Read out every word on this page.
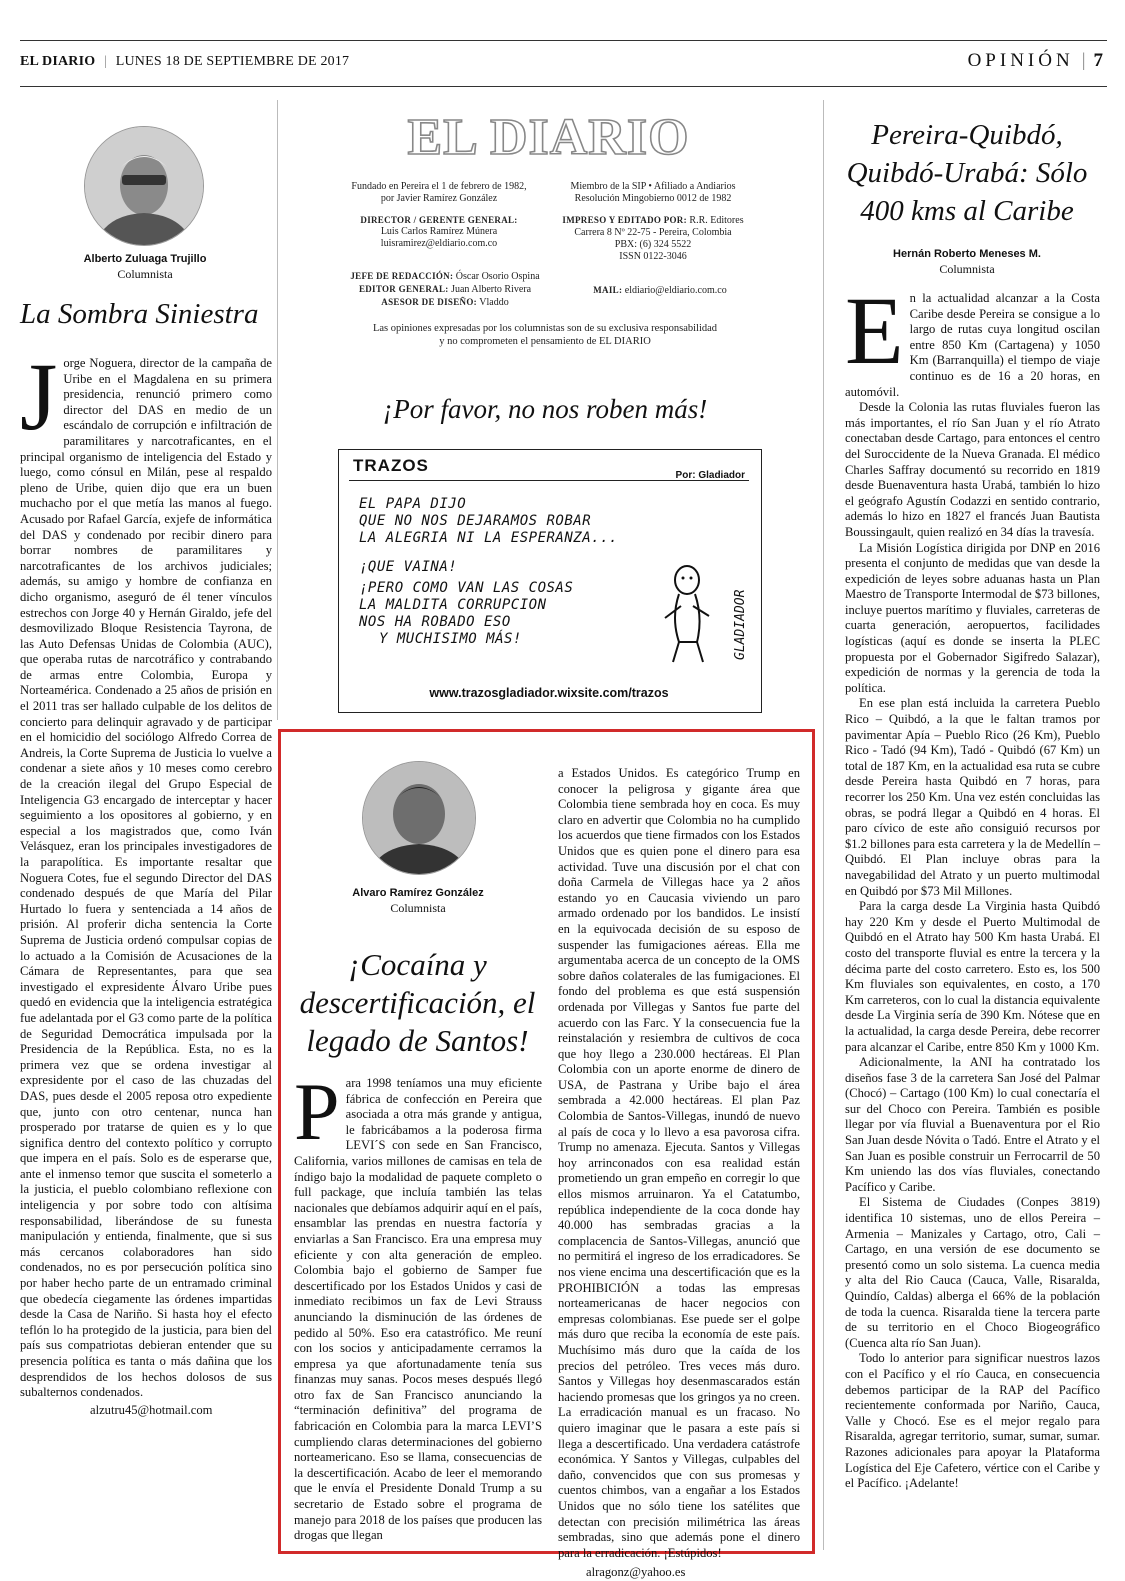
EL DIARIO | LUNES 18 DE SEPTIEMBRE DE 2017	OPINIÓN | 7
Alberto Zuluaga Trujillo
Columnista
La Sombra Siniestra
J orge Noguera, director de la campaña de Uribe en el Magdalena en su primera presidencia, renunció primero como director del DAS en medio de un escándalo de corrupción e infiltración de paramilitares y narcotraficantes, en el principal organismo de inteligencia del Estado y luego, como cónsul en Milán, pese al respaldo pleno de Uribe, quien dijo que era un buen muchacho por el que metía las manos al fuego. Acusado por Rafael García, exjefe de informática del DAS y condenado por recibir dinero para borrar nombres de paramilitares y narcotraficantes de los archivos judiciales; además, su amigo y hombre de confianza en dicho organismo, aseguró de él tener vínculos estrechos con Jorge 40 y Hernán Giraldo, jefe del desmovilizado Bloque Resistencia Tayrona, de las Auto Defensas Unidas de Colombia (AUC), que operaba rutas de narcotráfico y contrabando de armas entre Colombia, Europa y Norteamérica. Condenado a 25 años de prisión en el 2011 tras ser hallado culpable de los delitos de concierto para delinquir agravado y de participar en el homicidio del sociólogo Alfredo Correa de Andreis, la Corte Suprema de Justicia lo vuelve a condenar a siete años y 10 meses como cerebro de la creación ilegal del Grupo Especial de Inteligencia G3 encargado de interceptar y hacer seguimiento a los opositores al gobierno, y en especial a los magistrados que, como Iván Velásquez, eran los principales investigadores de la parapolítica. Es importante resaltar que Noguera Cotes, fue el segundo Director del DAS condenado después de que María del Pilar Hurtado lo fuera y sentenciada a 14 años de prisión. Al proferir dicha sentencia la Corte Suprema de Justicia ordenó compulsar copias de lo actuado a la Comisión de Acusaciones de la Cámara de Representantes, para que sea investigado el expresidente Álvaro Uribe pues quedó en evidencia que la inteligencia estratégica fue adelantada por el G3 como parte de la política de Seguridad Democrática impulsada por la Presidencia de la República. Esta, no es la primera vez que se ordena investigar al expresidente por el caso de las chuzadas del DAS, pues desde el 2005 reposa otro expediente que, junto con otro centenar, nunca han prosperado por tratarse de quien es y lo que significa dentro del contexto político y corrupto que impera en el país. Solo es de esperarse que, ante el inmenso temor que suscita el someterlo a la justicia, el pueblo colombiano reflexione con inteligencia y por sobre todo con altísima responsabilidad, liberándose de su funesta manipulación y entienda, finalmente, que si sus más cercanos colaboradores han sido condenados, no es por persecución política sino por haber hecho parte de un entramado criminal que obedecía ciegamente las órdenes impartidas desde la Casa de Nariño. Si hasta hoy el efecto teflón lo ha protegido de la justicia, para bien del país sus compatriotas debieran entender que su presencia política es tanta o más dañina que los desprendidos de los hechos dolosos de sus subalternos condenados.

alzutru45@hotmail.com

EL DIARIO
Fundado en Pereira el 1 de febrero de 1982,
por Javier Ramírez González
DIRECTOR / GERENTE GENERAL:
Luis Carlos Ramírez Múnera
luisramirez@eldiario.com.co
Miembro de la SIP • Afiliado a Andiarios
Resolución Mingobierno 0012 de 1982
IMPRESO Y EDITADO POR: R.R. Editores
Carrera 8 Nº 22-75 - Pereira, Colombia
PBX: (6) 324 5522
ISSN 0122-3046
JEFE DE REDACCIÓN: Óscar Osorio Ospina
EDITOR GENERAL: Juan Alberto Rivera
ASESOR DE DISEÑO: Vladdo
MAIL: eldiario@eldiario.com.co
Las opiniones expresadas por los columnistas son de su exclusiva responsabilidad
y no comprometen el pensamiento de EL DIARIO
¡Por favor, no nos roben más!
TRAZOS
Por: Gladiador
EL PAPA DIJO
QUE NO NOS DEJARAMOS ROBAR
LA ALEGRIA NI LA ESPERANZA...
¡QUE VAINA!
¡PERO COMO VAN LAS COSAS
LA MALDITA CORRUPCION
NOS HA ROBADO ESO
Y MUCHISIMO MÁS!	GLADIADOR
www.trazosgladiador.wixsite.com/trazos
Alvaro Ramírez González
Columnista
¡Cocaína y
descertificación, el
legado de Santos!
P ara 1998 teníamos una muy eficiente fábrica de confección en Pereira que asociada a otra más grande y antigua, le fabricábamos a la poderosa firma LEVI´S con sede en San Francisco, California, varios millones de camisas en tela de índigo bajo la modalidad de paquete completo o full package, que incluía también las telas nacionales que debíamos adquirir aquí en el país, ensamblar las prendas en nuestra factoría y enviarlas a San Francisco. Era una empresa muy eficiente y con alta generación de empleo. Colombia bajo el gobierno de Samper fue descertificado por los Estados Unidos y casi de inmediato recibimos un fax de Levi Strauss anunciando la disminución de las órdenes de pedido al 50%. Eso era catastrófico. Me reuní con los socios y anticipadamente cerramos la empresa ya que afortunadamente tenía sus finanzas muy sanas. Pocos meses después llegó otro fax de San Francisco anunciando la “terminación definitiva” del programa de fabricación en Colombia para la marca LEVI’S cumpliendo claras determinaciones del gobierno norteamericano. Eso se llama, consecuencias de la descertificación. Acabo de leer el memorando que le envía el Presidente Donald Trump a su secretario de Estado sobre el programa de manejo para 2018 de los países que producen las drogas que llegan

a Estados Unidos. Es categórico Trump en conocer la peligrosa y gigante área que Colombia tiene sembrada hoy en coca. Es muy claro en advertir que Colombia no ha cumplido los acuerdos que tiene firmados con los Estados Unidos que es quien pone el dinero para esa actividad. Tuve una discusión por el chat con doña Carmela de Villegas hace ya 2 años estando yo en Caucasia viviendo un paro armado ordenado por los bandidos. Le insistí en la equivocada decisión de su esposo de suspender las fumigaciones aéreas. Ella me argumentaba acerca de un concepto de la OMS sobre daños colaterales de las fumigaciones. El fondo del problema es que está suspensión ordenada por Villegas y Santos fue parte del acuerdo con las Farc. Y la consecuencia fue la reinstalación y resiembra de cultivos de coca que hoy llego a 230.000 hectáreas. El Plan Colombia con un aporte enorme de dinero de USA, de Pastrana y Uribe bajo el área sembrada a 42.000 hectáreas. El plan Paz Colombia de Santos-Villegas, inundó de nuevo al país de coca y lo llevo a esa pavorosa cifra. Trump no amenaza. Ejecuta. Santos y Villegas hoy arrinconados con esa realidad están prometiendo un gran empeño en corregir lo que ellos mismos arruinaron. Ya el Catatumbo, república independiente de la coca donde hay 40.000 has sembradas gracias a la complacencia de Santos-Villegas, anunció que no permitirá el ingreso de los erradicadores. Se nos viene encima una descertificación que es la PROHIBICIÓN a todas las empresas norteamericanas de hacer negocios con empresas colombianas. Ese puede ser el golpe más duro que reciba la economía de este país. Muchísimo más duro que la caída de los precios del petróleo. Tres veces más duro. Santos y Villegas hoy desenmascarados están haciendo promesas que los gringos ya no creen. La erradicación manual es un fracaso. No quiero imaginar que le pasara a este país si llega a descertificado. Una verdadera catástrofe económica. Y Santos y Villegas, culpables del daño, convencidos que con sus promesas y cuentos chimbos, van a engañar a los Estados Unidos que no sólo tiene los satélites que detectan con precisión milimétrica las áreas sembradas, sino que además pone el dinero para la erradicación. ¡Estúpidos!

alragonz@yahoo.es

Pereira-Quibdó,
Quibdó-Urabá: Sólo
400 kms al Caribe
Hernán Roberto Meneses M.
Columnista
E n la actualidad alcanzar a la Costa Caribe desde Pereira se consigue a lo largo de rutas cuya longitud oscilan entre 850 Km (Cartagena) y 1050 Km (Barranquilla) el tiempo de viaje continuo es de 16 a 20 horas, en automóvil.

Desde la Colonia las rutas fluviales fueron las más importantes, el río San Juan y el río Atrato conectaban desde Cartago, para entonces el centro del Suroccidente de la Nueva Granada. El médico Charles Saffray documentó su recorrido en 1819 desde Buenaventura hasta Urabá, también lo hizo el geógrafo Agustín Codazzi en sentido contrario, además lo hizo en 1827 el francés Juan Bautista Boussingault, quien realizó en 34 días la travesía.

La Misión Logística dirigida por DNP en 2016 presenta el conjunto de medidas que van desde la expedición de leyes sobre aduanas hasta un Plan Maestro de Transporte Intermodal de $73 billones, incluye puertos marítimo y fluviales, carreteras de cuarta generación, aeropuertos, facilidades logísticas (aquí es donde se inserta la PLEC propuesta por el Gobernador Sigifredo Salazar), expedición de normas y la gerencia de toda la política.

En ese plan está incluida la carretera Pueblo Rico – Quibdó, a la que le faltan tramos por pavimentar Apía – Pueblo Rico (26 Km), Pueblo Rico - Tadó (94 Km), Tadó - Quibdó (67 Km) un total de 187 Km, en la actualidad esa ruta se cubre desde Pereira hasta Quibdó en 7 horas, para recorrer los 250 Km. Una vez estén concluidas las obras, se podrá llegar a Quibdó en 4 horas. El paro cívico de este año consiguió recursos por $1.2 billones para esta carretera y la de Medellín – Quibdó. El Plan incluye obras para la navegabilidad del Atrato y un puerto multimodal en Quibdó por $73 Mil Millones.

Para la carga desde La Virginia hasta Quibdó hay 220 Km y desde el Puerto Multimodal de Quibdó en el Atrato hay 500 Km hasta Urabá. El costo del transporte fluvial es entre la tercera y la décima parte del costo carretero. Esto es, los 500 Km fluviales son equivalentes, en costo, a 170 Km carreteros, con lo cual la distancia equivalente desde La Virginia sería de 390 Km. Nótese que en la actualidad, la carga desde Pereira, debe recorrer para alcanzar el Caribe, entre 850 Km y 1000 Km.

Adicionalmente, la ANI ha contratado los diseños fase 3 de la carretera San José del Palmar (Chocó) – Cartago (100 Km) lo cual conectaría el sur del Choco con Pereira. También es posible llegar por vía fluvial a Buenaventura por el Rio San Juan desde Nóvita o Tadó. Entre el Atrato y el San Juan es posible construir un Ferrocarril de 50 Km uniendo las dos vías fluviales, conectando Pacífico y Caribe.

El Sistema de Ciudades (Conpes 3819) identifica 10 sistemas, uno de ellos Pereira – Armenia – Manizales y Cartago, otro, Cali – Cartago, en una versión de ese documento se presentó como un solo sistema. La cuenca media y alta del Rio Cauca (Cauca, Valle, Risaralda, Quindío, Caldas) alberga el 66% de la población de toda la cuenca. Risaralda tiene la tercera parte de su territorio en el Choco Biogeográfico (Cuenca alta río San Juan).

Todo lo anterior para significar nuestros lazos con el Pacífico y el río Cauca, en consecuencia debemos participar de la RAP del Pacífico recientemente conformada por Nariño, Cauca, Valle y Chocó. Ese es el mejor regalo para Risaralda, agregar territorio, sumar, sumar, sumar. Razones adicionales para apoyar la Plataforma Logística del Eje Cafetero, vértice con el Caribe y el Pacífico. ¡Adelante!
